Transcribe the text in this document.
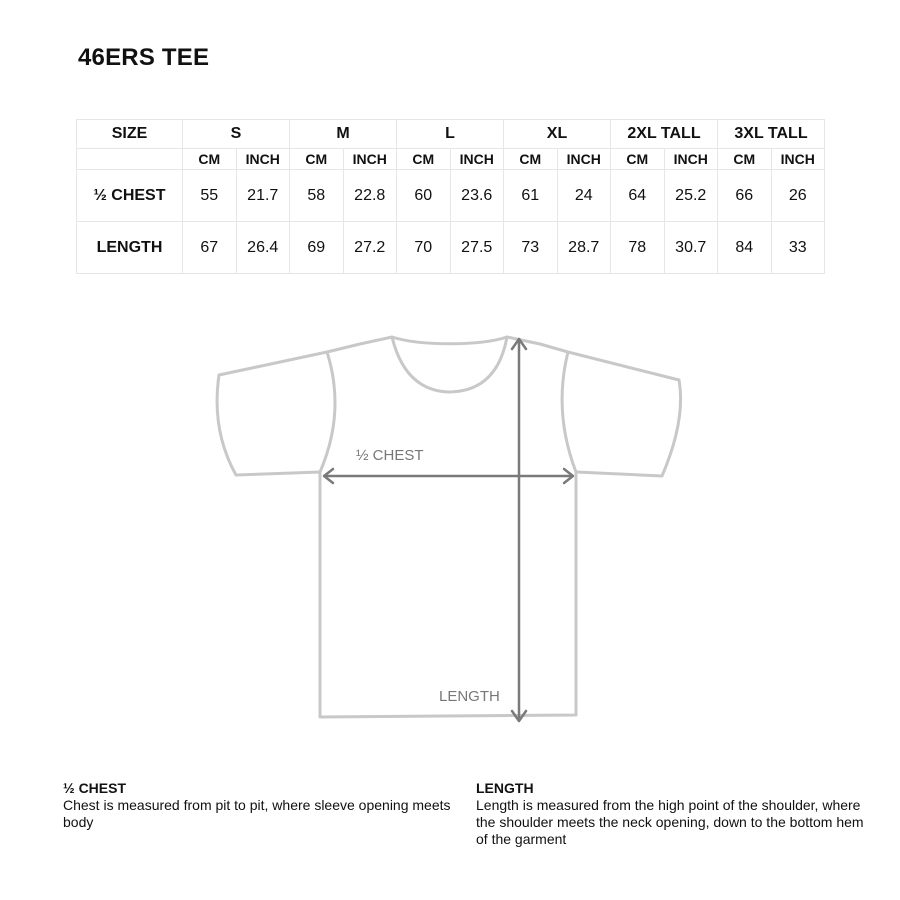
46ERS TEE
SIZE	S		M		L		XL		2XL TALL		3XL TALL	
	CM	INCH	CM	INCH	CM	INCH	CM	INCH	CM	INCH	CM	INCH
½ CHEST	55	21.7	58	22.8	60	23.6	61	24	64	25.2	66	26
LENGTH	67	26.4	69	27.2	70	27.5	73	28.7	78	30.7	84	33
½ CHEST
LENGTH
½ CHEST
Chest is measured from pit to pit, where sleeve opening meets body
LENGTH
Length is measured from the high point of the shoulder, where the shoulder meets the neck opening, down to the bottom hem of the garment
